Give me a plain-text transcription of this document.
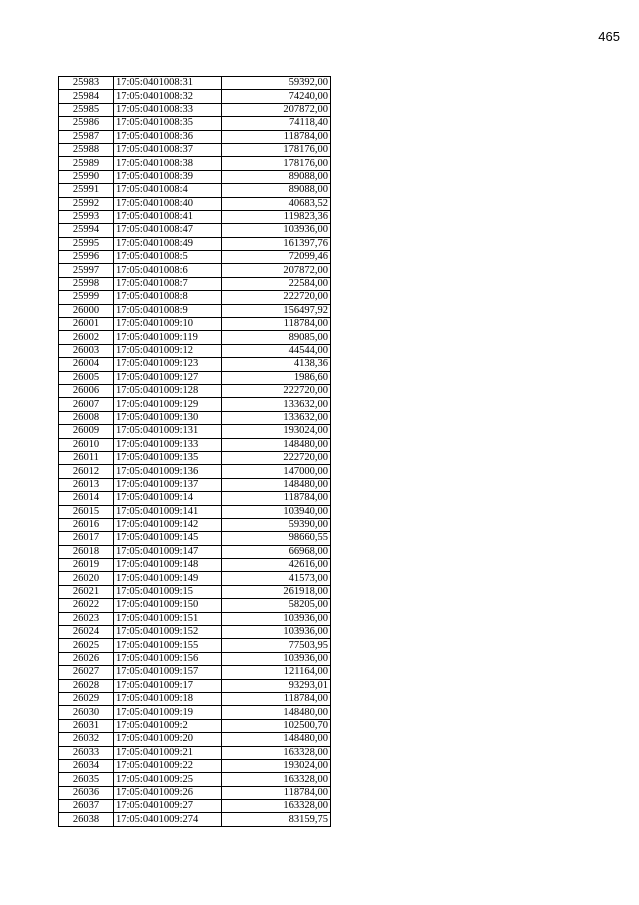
465
25983	17:05:0401008:31	59392,00
25984	17:05:0401008:32	74240,00
25985	17:05:0401008:33	207872,00
25986	17:05:0401008:35	74118,40
25987	17:05:0401008:36	118784,00
25988	17:05:0401008:37	178176,00
25989	17:05:0401008:38	178176,00
25990	17:05:0401008:39	89088,00
25991	17:05:0401008:4	89088,00
25992	17:05:0401008:40	40683,52
25993	17:05:0401008:41	119823,36
25994	17:05:0401008:47	103936,00
25995	17:05:0401008:49	161397,76
25996	17:05:0401008:5	72099,46
25997	17:05:0401008:6	207872,00
25998	17:05:0401008:7	22584,00
25999	17:05:0401008:8	222720,00
26000	17:05:0401008:9	156497,92
26001	17:05:0401009:10	118784,00
26002	17:05:0401009:119	89085,00
26003	17:05:0401009:12	44544,00
26004	17:05:0401009:123	4138,36
26005	17:05:0401009:127	1986,60
26006	17:05:0401009:128	222720,00
26007	17:05:0401009:129	133632,00
26008	17:05:0401009:130	133632,00
26009	17:05:0401009:131	193024,00
26010	17:05:0401009:133	148480,00
26011	17:05:0401009:135	222720,00
26012	17:05:0401009:136	147000,00
26013	17:05:0401009:137	148480,00
26014	17:05:0401009:14	118784,00
26015	17:05:0401009:141	103940,00
26016	17:05:0401009:142	59390,00
26017	17:05:0401009:145	98660,55
26018	17:05:0401009:147	66968,00
26019	17:05:0401009:148	42616,00
26020	17:05:0401009:149	41573,00
26021	17:05:0401009:15	261918,00
26022	17:05:0401009:150	58205,00
26023	17:05:0401009:151	103936,00
26024	17:05:0401009:152	103936,00
26025	17:05:0401009:155	77503,95
26026	17:05:0401009:156	103936,00
26027	17:05:0401009:157	121164,00
26028	17:05:0401009:17	93293,01
26029	17:05:0401009:18	118784,00
26030	17:05:0401009:19	148480,00
26031	17:05:0401009:2	102500,70
26032	17:05:0401009:20	148480,00
26033	17:05:0401009:21	163328,00
26034	17:05:0401009:22	193024,00
26035	17:05:0401009:25	163328,00
26036	17:05:0401009:26	118784,00
26037	17:05:0401009:27	163328,00
26038	17:05:0401009:274	83159,75
